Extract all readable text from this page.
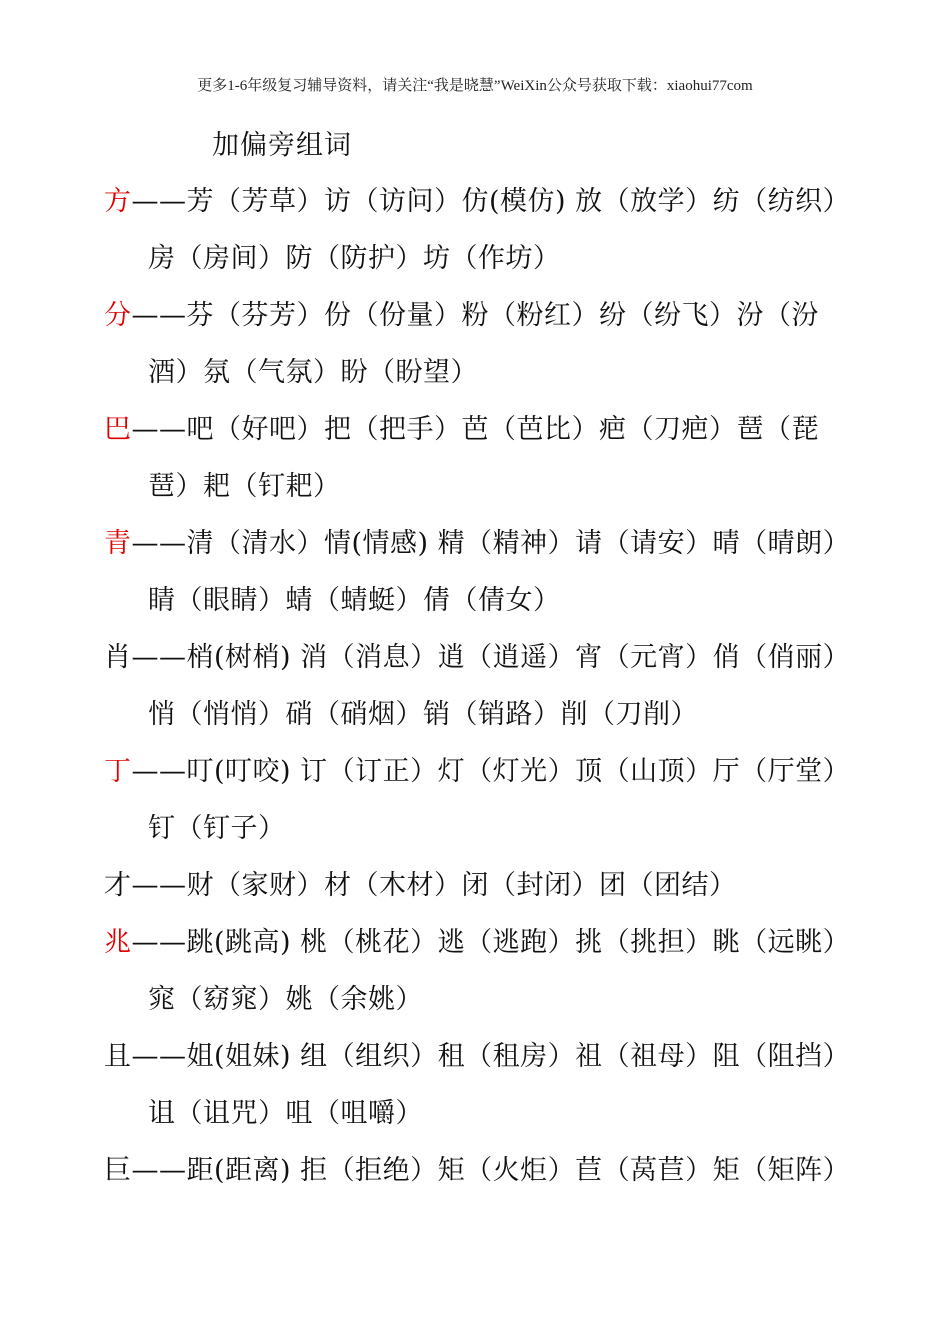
更多1-6年级复习辅导资料，请关注“我是晓慧”WeiXin公众号获取下载：xiaohui77com
加偏旁组词
方——芳（芳草）访（访问）仿(模仿) 放（放学）纺（纺织）
房（房间）防（防护）坊（作坊）
分——芬（芬芳）份（份量）粉（粉红）纷（纷飞）汾（汾
酒）氛（气氛）盼（盼望）
巴——吧（好吧）把（把手）芭（芭比）疤（刀疤）琶（琵
琶）耙（钉耙）
青——清（清水）情(情感) 精（精神）请（请安）晴（晴朗）
睛（眼睛）蜻（蜻蜓）倩（倩女）
肖——梢(树梢) 消（消息）逍（逍遥）宵（元宵）俏（俏丽）
悄（悄悄）硝（硝烟）销（销路）削（刀削）
丁——叮(叮咬) 订（订正）灯（灯光）顶（山顶）厅（厅堂）
钉（钉子）
才——财（家财）材（木材）闭（封闭）团（团结）
兆——跳(跳高) 桃（桃花）逃（逃跑）挑（挑担）眺（远眺）
窕（窈窕）姚（余姚）
且——姐(姐妹) 组（组织）租（租房）祖（祖母）阻（阻挡）
诅（诅咒）咀（咀嚼）
巨——距(距离) 拒（拒绝）矩（火炬）苣（莴苣）矩（矩阵）
